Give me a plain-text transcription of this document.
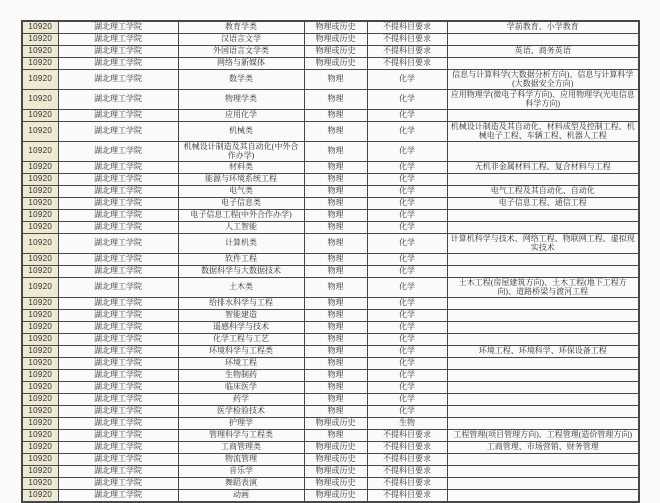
10920	湖北理工学院	教育学类	物理或历史	不提科目要求	学前教育、小学教育
10920	湖北理工学院	汉语言文学	物理或历史	不提科目要求	
10920	湖北理工学院	外国语言文学类	物理或历史	不提科目要求	英语、商务英语
10920	湖北理工学院	网络与新媒体	物理或历史	不提科目要求	
10920	湖北理工学院	数学类	物理	化学	信息与计算科学(大数据分析方向)、信息与计算科学(大数据安全方向)
10920	湖北理工学院	物理学类	物理	化学	应用物理学(微电子科学方向)、应用物理学(光电信息科学方向)
10920	湖北理工学院	应用化学	物理	化学	
10920	湖北理工学院	机械类	物理	化学	机械设计制造及其自动化、材料成型及控制工程、机械电子工程、车辆工程、机器人工程
10920	湖北理工学院	机械设计制造及其自动化(中外合作办学)	物理	化学	
10920	湖北理工学院	材料类	物理	化学	无机非金属材料工程、复合材料与工程
10920	湖北理工学院	能源与环境系统工程	物理	化学	
10920	湖北理工学院	电气类	物理	化学	电气工程及其自动化、自动化
10920	湖北理工学院	电子信息类	物理	化学	电子信息工程、通信工程
10920	湖北理工学院	电子信息工程(中外合作办学)	物理	化学	
10920	湖北理工学院	人工智能	物理	化学	
10920	湖北理工学院	计算机类	物理	化学	计算机科学与技术、网络工程、物联网工程、虚拟现实技术
10920	湖北理工学院	软件工程	物理	化学	
10920	湖北理工学院	数据科学与大数据技术	物理	化学	
10920	湖北理工学院	土木类	物理	化学	土木工程(房屋建筑方向)、土木工程(地下工程方向)、道路桥梁与渡河工程
10920	湖北理工学院	给排水科学与工程	物理	化学	
10920	湖北理工学院	智能建造	物理	化学	
10920	湖北理工学院	遥感科学与技术	物理	化学	
10920	湖北理工学院	化学工程与工艺	物理	化学	
10920	湖北理工学院	环境科学与工程类	物理	化学	环境工程、环境科学、环保设备工程
10920	湖北理工学院	环境工程	物理	化学	
10920	湖北理工学院	生物制药	物理	化学	
10920	湖北理工学院	临床医学	物理	化学	
10920	湖北理工学院	药学	物理	化学	
10920	湖北理工学院	医学检验技术	物理	化学	
10920	湖北理工学院	护理学	物理或历史	生物	
10920	湖北理工学院	管理科学与工程类	物理	不提科目要求	工程管理(项目管理方向)、工程管理(造价管理方向)
10920	湖北理工学院	工商管理类	物理或历史	不提科目要求	工商管理、市场营销、财务管理
10920	湖北理工学院	物流管理	物理或历史	不提科目要求	
10920	湖北理工学院	音乐学	物理或历史	不提科目要求	
10920	湖北理工学院	舞蹈表演	物理或历史	不提科目要求	
10920	湖北理工学院	动画	物理或历史	不提科目要求	
